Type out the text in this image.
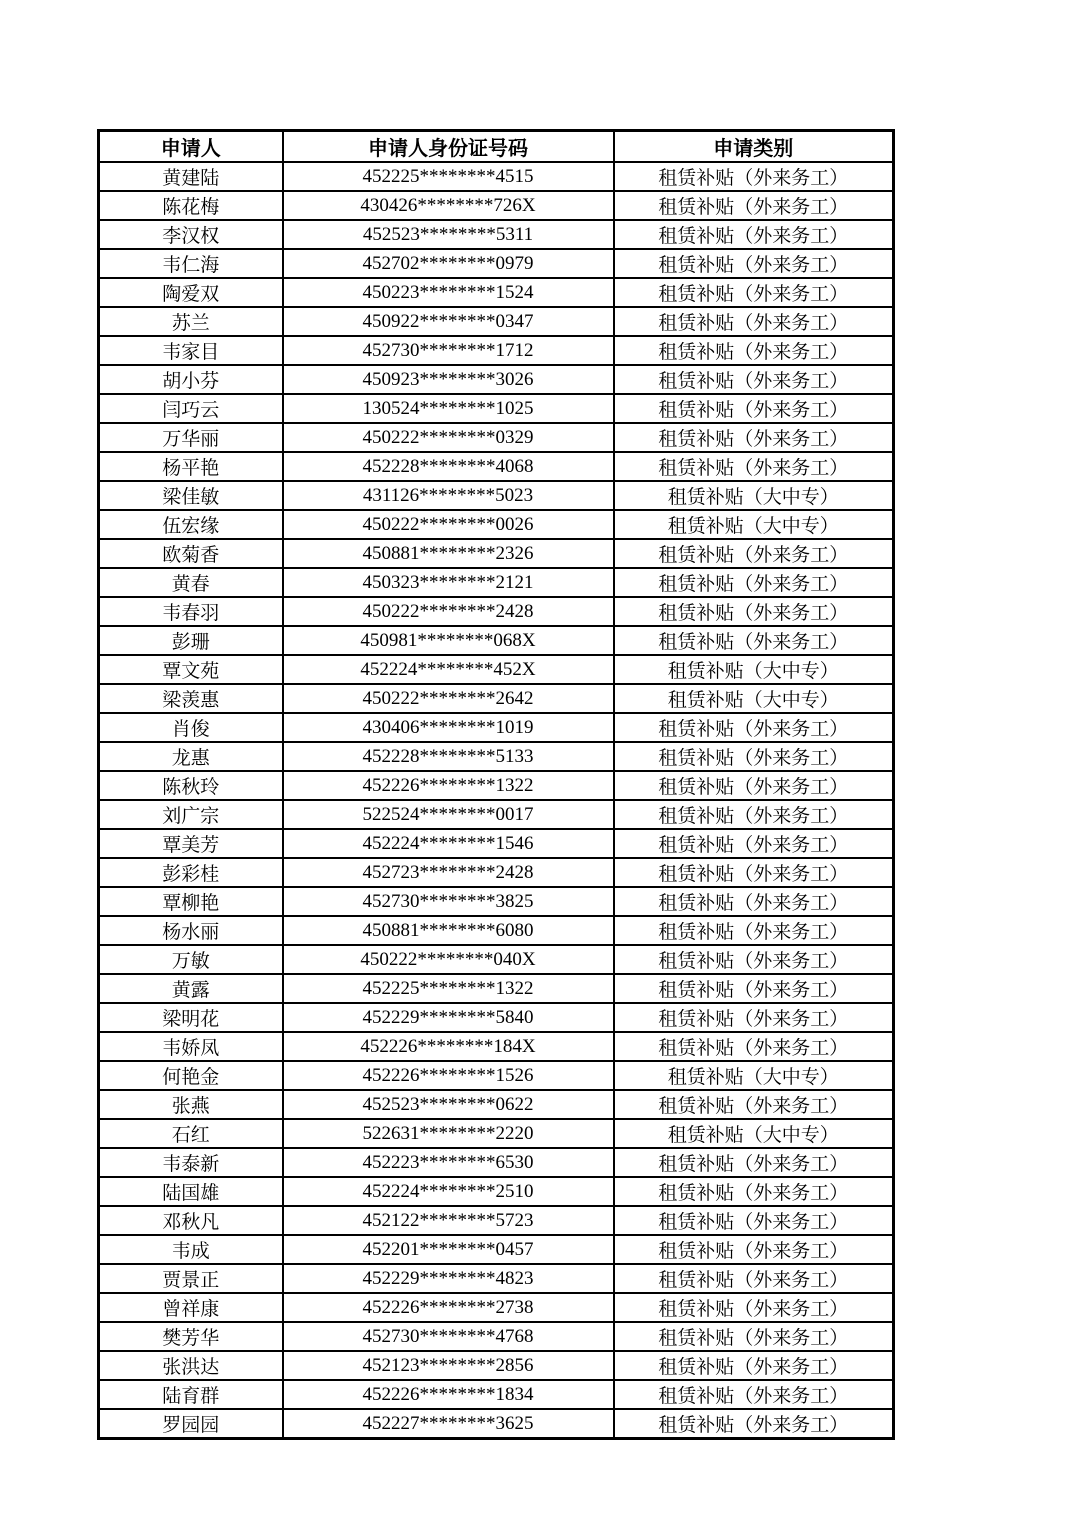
申请人	申请人身份证号码	申请类别
黄建陆	452225********4515	租赁补贴（外来务工）
陈花梅	430426********726X	租赁补贴（外来务工）
李汉权	452523********5311	租赁补贴（外来务工）
韦仁海	452702********0979	租赁补贴（外来务工）
陶爱双	450223********1524	租赁补贴（外来务工）
苏兰	450922********0347	租赁补贴（外来务工）
韦家目	452730********1712	租赁补贴（外来务工）
胡小芬	450923********3026	租赁补贴（外来务工）
闫巧云	130524********1025	租赁补贴（外来务工）
万华丽	450222********0329	租赁补贴（外来务工）
杨平艳	452228********4068	租赁补贴（外来务工）
梁佳敏	431126********5023	租赁补贴（大中专）
伍宏缘	450222********0026	租赁补贴（大中专）
欧菊香	450881********2326	租赁补贴（外来务工）
黄春	450323********2121	租赁补贴（外来务工）
韦春羽	450222********2428	租赁补贴（外来务工）
彭珊	450981********068X	租赁补贴（外来务工）
覃文苑	452224********452X	租赁补贴（大中专）
梁羡惠	450222********2642	租赁补贴（大中专）
肖俊	430406********1019	租赁补贴（外来务工）
龙惠	452228********5133	租赁补贴（外来务工）
陈秋玲	452226********1322	租赁补贴（外来务工）
刘广宗	522524********0017	租赁补贴（外来务工）
覃美芳	452224********1546	租赁补贴（外来务工）
彭彩桂	452723********2428	租赁补贴（外来务工）
覃柳艳	452730********3825	租赁补贴（外来务工）
杨水丽	450881********6080	租赁补贴（外来务工）
万敏	450222********040X	租赁补贴（外来务工）
黄露	452225********1322	租赁补贴（外来务工）
梁明花	452229********5840	租赁补贴（外来务工）
韦娇凤	452226********184X	租赁补贴（外来务工）
何艳金	452226********1526	租赁补贴（大中专）
张燕	452523********0622	租赁补贴（外来务工）
石红	522631********2220	租赁补贴（大中专）
韦泰新	452223********6530	租赁补贴（外来务工）
陆国雄	452224********2510	租赁补贴（外来务工）
邓秋凡	452122********5723	租赁补贴（外来务工）
韦成	452201********0457	租赁补贴（外来务工）
贾景正	452229********4823	租赁补贴（外来务工）
曾祥康	452226********2738	租赁补贴（外来务工）
樊芳华	452730********4768	租赁补贴（外来务工）
张洪达	452123********2856	租赁补贴（外来务工）
陆育群	452226********1834	租赁补贴（外来务工）
罗园园	452227********3625	租赁补贴（外来务工）
